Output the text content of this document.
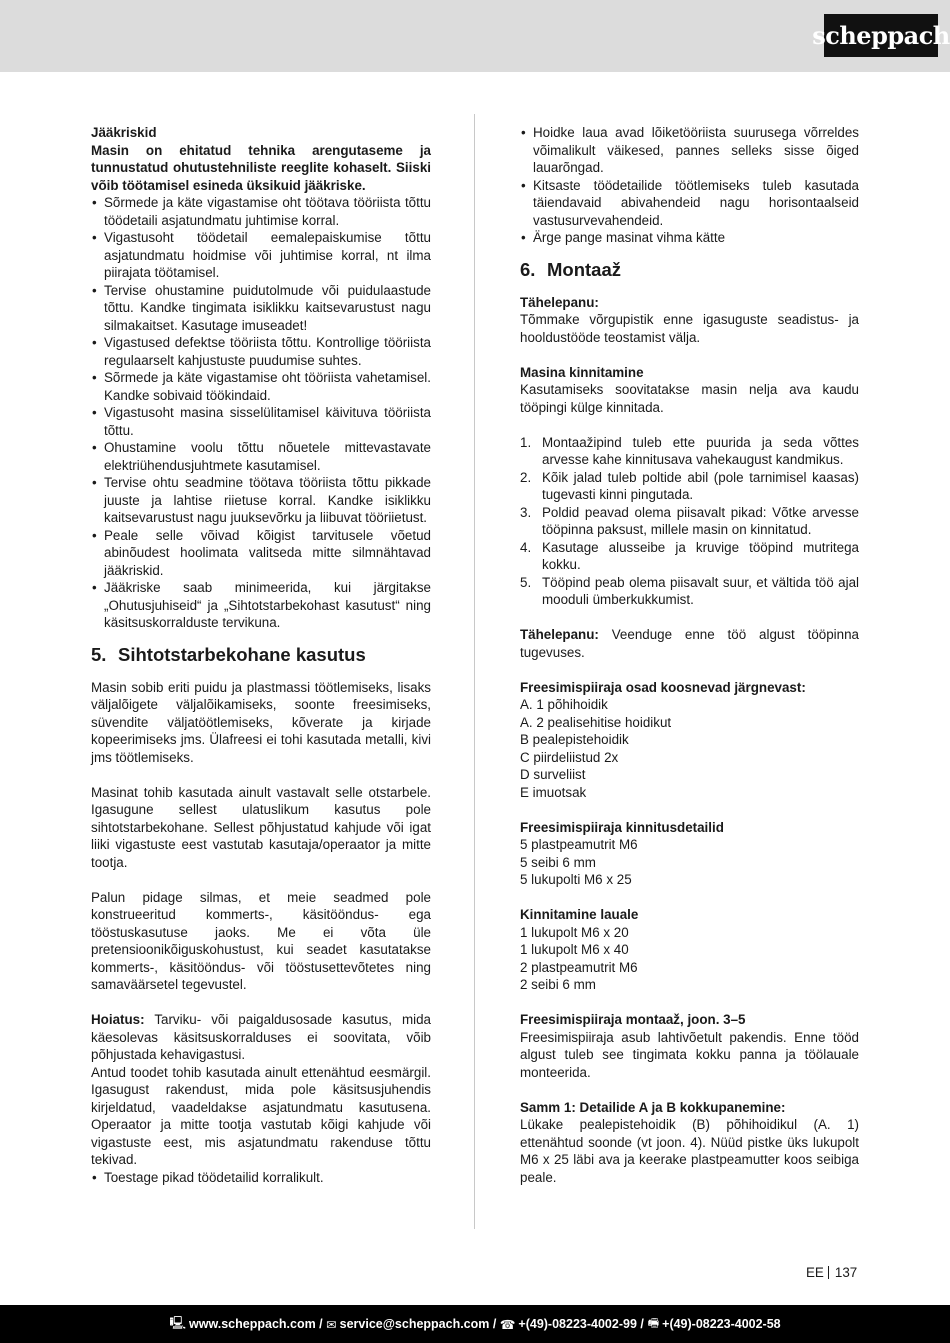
scheppach

Jääkriskid

Masin on ehitatud tehnika arengutaseme ja tunnustatud ohutustehniliste reeglite kohaselt. Siiski võib töötamisel esineda üksikuid jääkriske.

• Sõrmede ja käte vigastamise oht töötava tööriista tõttu töödetaili asjatundmatu juhtimise korral.
• Vigastusoht töödetail eemalepaiskumise tõttu asjatundmatu hoidmise või juhtimise korral, nt ilma piirajata töötamisel.
• Tervise ohustamine puidutolmude või puidulaastude tõttu. Kandke tingimata isiklikku kaitsevarustust nagu silmakaitset. Kasutage imuseadet!
• Vigastused defektse tööriista tõttu. Kontrollige tööriista regulaarselt kahjustuste puudumise suhtes.
• Sõrmede ja käte vigastamise oht tööriista vahetamisel. Kandke sobivaid töökindaid.
• Vigastusoht masina sisselülitamisel käivituva tööriista tõttu.
• Ohustamine voolu tõttu nõuetele mittevastavate elektriühendusjuhtmete kasutamisel.
• Tervise ohtu seadmine töötava tööriista tõttu pikkade juuste ja lahtise riietuse korral. Kandke isiklikku kaitsevarustust nagu juuksevõrku ja liibuvat tööriietust.
• Peale selle võivad kõigist tarvitusele võetud abinõudest hoolimata valitseda mitte silmnähtavad jääkriskid.
• Jääkriske saab minimeerida, kui järgitakse „Ohutusjuhiseid“ ja „Sihtotstarbekohast kasutust“ ning käsitsuskorralduste tervikuna.
5. Sihtotstarbekohane kasutus

Masin sobib eriti puidu ja plastmassi töötlemiseks, lisaks väljalõigete väljalõikamiseks, soonte freesimiseks, süvendite väljatöötlemiseks, kõverate ja kirjade kopeerimiseks jms. Ülafreesi ei tohi kasutada metalli, kivi jms töötlemiseks.

Masinat tohib kasutada ainult vastavalt selle otstarbele. Igasugune sellest ulatuslikum kasutus pole sihtotstarbekohane. Sellest põhjustatud kahjude või igat liiki vigastuste eest vastutab kasutaja/operaator ja mitte tootja.

Palun pidage silmas, et meie seadmed pole konstrueeritud kommerts-, käsitööndus- ega tööstuskasutuse jaoks. Me ei võta üle pretensioonikõiguskohustust, kui seadet kasutatakse kommerts-, käsitööndus- või tööstusettevõtetes ning samaväärsetel tegevustel.

Hoiatus: Tarviku- või paigaldusosade kasutus, mida käesolevas käsitsuskorralduses ei soovitata, võib põhjustada kehavigastusi.

Antud toodet tohib kasutada ainult ettenähtud eesmärgil. Igasugust rakendust, mida pole käsitsusjuhendis kirjeldatud, vaadeldakse asjatundmatu kasutusena. Operaator ja mitte tootja vastutab kõigi kahjude või vigastuste eest, mis asjatundmatu rakenduse tõttu tekivad.

• Toestage pikad töödetailid korralikult.
• Hoidke laua avad lõiketööriista suurusega võrreldes võimalikult väikesed, pannes selleks sisse õiged lauarõngad.
• Kitsaste töödetailide töötlemiseks tuleb kasutada täiendavaid abivahendeid nagu horisontaalseid vastusurvevahendeid.
• Ärge pange masinat vihma kätte
6. Montaaž

Tähelepanu:

Tõmmake võrgupistik enne igasuguste seadistus- ja hooldustööde teostamist välja.

Masina kinnitamine

Kasutamiseks soovitatakse masin nelja ava kaudu tööpingi külge kinnitada.

1. Montaažipind tuleb ette puurida ja seda võttes arvesse kahe kinnitusava vahekaugust kandmikus.
2. Kõik jalad tuleb poltide abil (pole tarnimisel kaasas) tugevasti kinni pingutada.
3. Poldid peavad olema piisavalt pikad: Võtke arvesse tööpinna paksust, millele masin on kinnitatud.
4. Kasutage alusseibe ja kruvige tööpind mutritega kokku.
5. Tööpind peab olema piisavalt suur, et vältida töö ajal mooduli ümberkukkumist.

Tähelepanu: Veenduge enne töö algust tööpinna tugevuses.

Freesimispiiraja osad koosnevad järgnevast:

A. 1 põhihoidik

A. 2 pealisehitise hoidikut

B pealepistehoidik

C piirdeliistud 2x

D surveliist

E imuotsak

Freesimispiiraja kinnitusdetailid

5 plastpeamutrit M6

5 seibi 6 mm

5 lukupolti M6 x 25

Kinnitamine lauale

1 lukupolt M6 x 20

1 lukupolt M6 x 40

2 plastpeamutrit M6

2 seibi 6 mm

Freesimispiiraja montaaž, joon. 3–5

Freesimispiiraja asub lahtivõetult pakendis. Enne tööd algust tuleb see tingimata kokku panna ja töölauale monteerida.

Samm 1: Detailide A ja B kokkupanemine:

Lükake pealepistehoidik (B) põhihoidikul (A. 1) ettenähtud soonde (vt joon. 4). Nüüd pistke üks lukupolt M6 x 25 läbi ava ja keerake plastpeamutter koos seibiga peale.

EE 137
🖳 www.scheppach.com /
✉ service@scheppach.com /
☎ +(49)-08223-4002-99 /
🖷 +(49)-08223-4002-58
